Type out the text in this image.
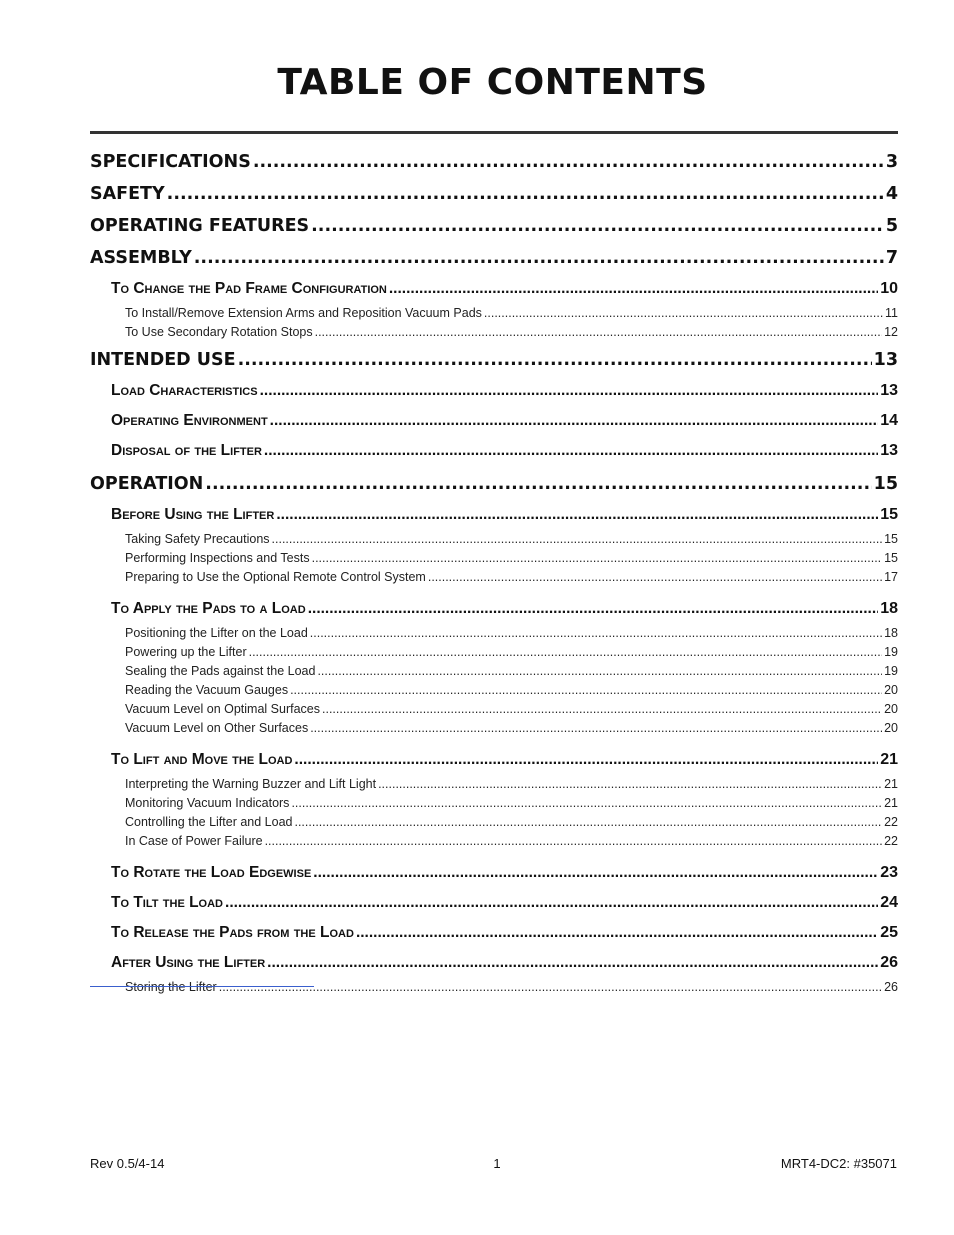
TABLE OF CONTENTS
SPECIFICATIONS .....	3
SAFETY .....	4
OPERATING FEATURES .....	5
ASSEMBLY .....	7
To Change the Pad Frame Configuration .....	10
To Install/Remove Extension Arms and Reposition Vacuum Pads .....	11
To Use Secondary Rotation Stops .....	12
INTENDED USE .....	13
Load Characteristics .....	13
Operating Environment .....	14
Disposal of the Lifter .....	13
OPERATION .....	15
Before Using the Lifter .....	15
Taking Safety Precautions .....	15
Performing Inspections and Tests .....	15
Preparing to Use the Optional Remote Control System .....	17
To Apply the Pads to a Load .....	18
Positioning the Lifter on the Load .....	18
Powering up the Lifter .....	19
Sealing the Pads against the Load .....	19
Reading the Vacuum Gauges .....	20
Vacuum Level on Optimal Surfaces .....	20
Vacuum Level on Other Surfaces .....	20
To Lift and Move the Load .....	21
Interpreting the Warning Buzzer and Lift Light .....	21
Monitoring Vacuum Indicators .....	21
Controlling the Lifter and Load .....	22
In Case of Power Failure .....	22
To Rotate the Load Edgewise .....	23
To Tilt the Load .....	24
To Release the Pads from the Load .....	25
After Using the Lifter .....	26
Storing the Lifter .....	26
Rev 0.5/4-14	1	MRT4-DC2: #35071
